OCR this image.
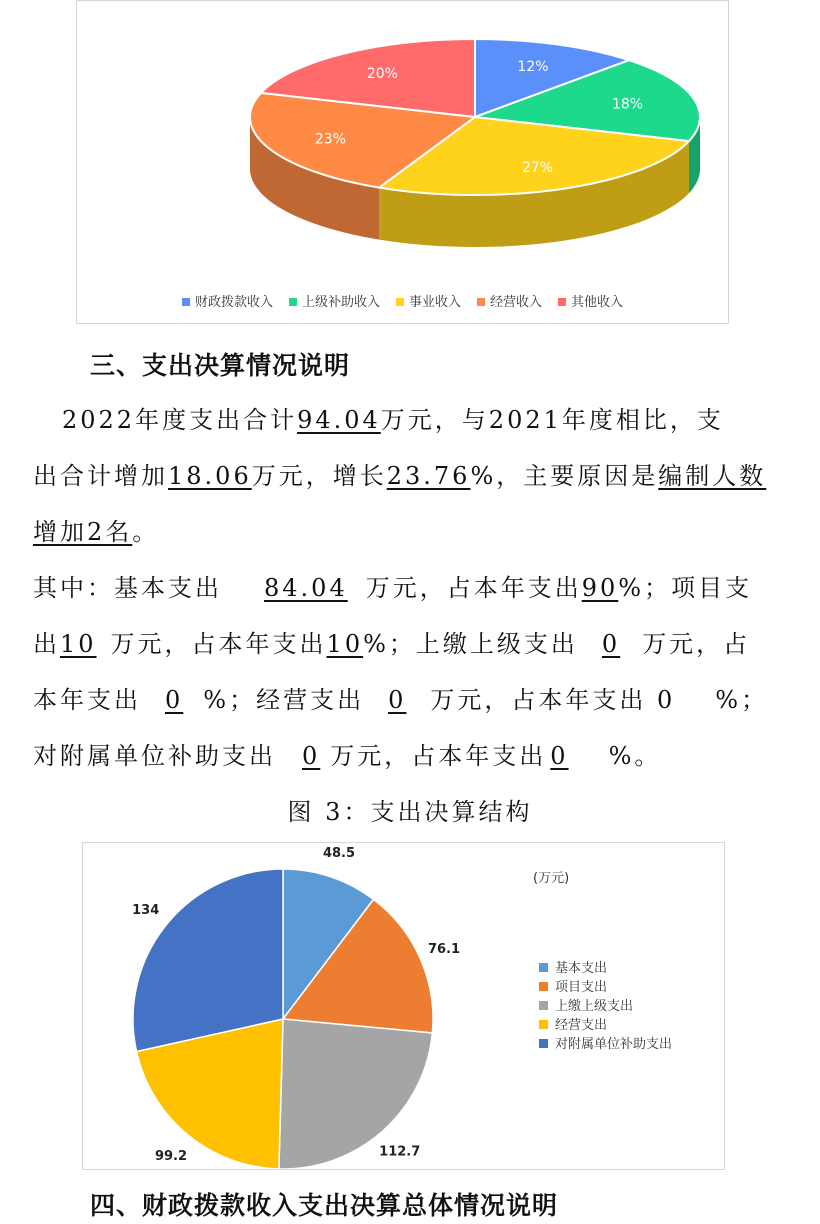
12%
18%
27%
23%
20%
财政拨款收入 上级补助收入 事业收入 经营收入 其他收入
三、支出决算情况说明
2022年度支出合计94.04万元，与2021年度相比，支
出合计增加18.06万元，增长23.76%，主要原因是编制人数
增加2名。
其中：基本支出 84.04 万元，占本年支出90%；项目支
出10 万元，占本年支出10%；上缴上级支出 0 万元，占
本年支出 0 %；经营支出 0 万元，占本年支出 0 %；
对附属单位补助支出 0 万元，占本年支出 0 %。
图 3：支出决算结构
48.5
76.1
112.7
99.2
134
(万元)
基本支出
项目支出
上缴上级支出
经营支出
对附属单位补助支出
四、财政拨款收入支出决算总体情况说明
